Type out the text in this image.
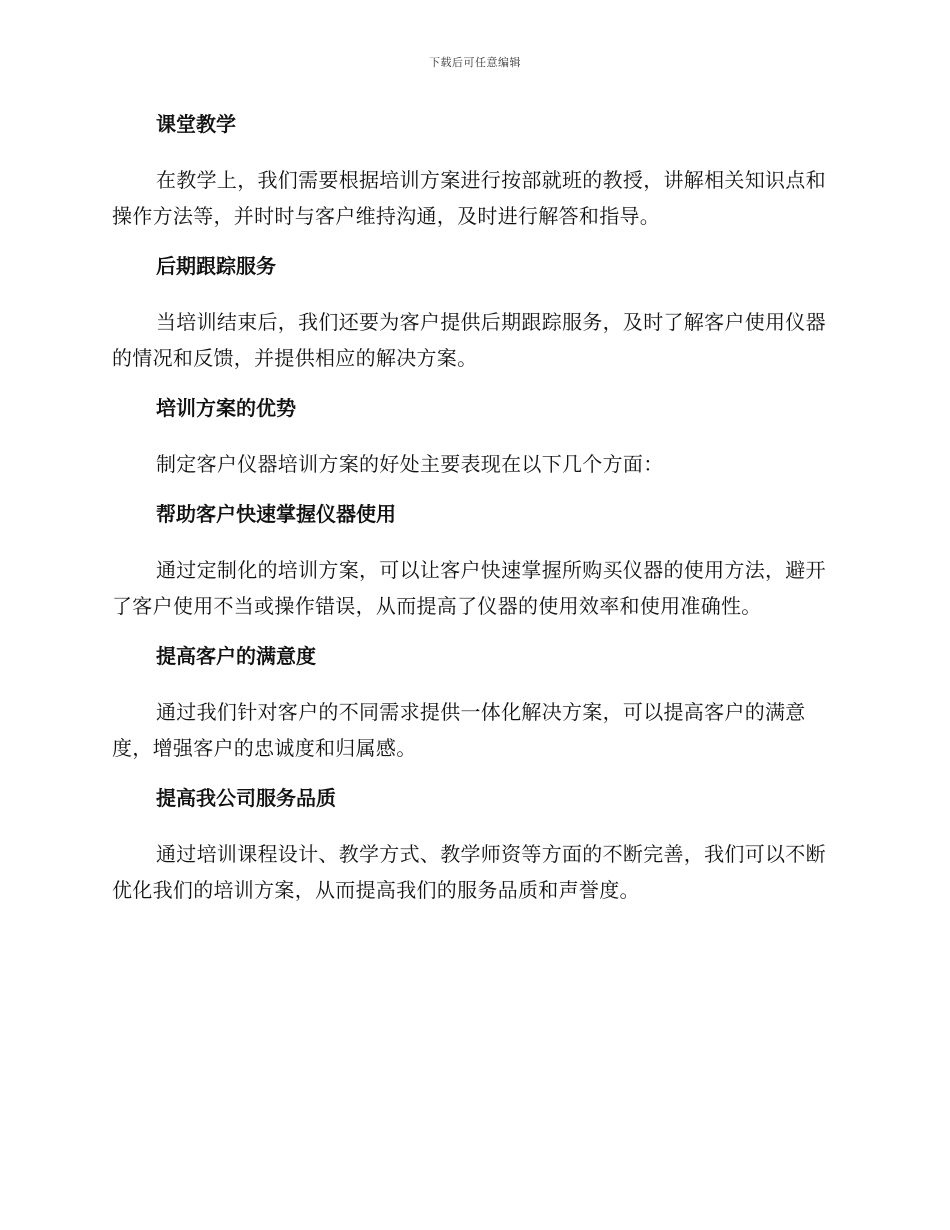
下载后可任意编辑
课堂教学
在教学上，我们需要根据培训方案进行按部就班的教授，讲解相关知识点和操作方法等，并时时与客户维持沟通，及时进行解答和指导。
后期跟踪服务
当培训结束后，我们还要为客户提供后期跟踪服务，及时了解客户使用仪器的情况和反馈，并提供相应的解决方案。
培训方案的优势
制定客户仪器培训方案的好处主要表现在以下几个方面：
帮助客户快速掌握仪器使用
通过定制化的培训方案，可以让客户快速掌握所购买仪器的使用方法，避开了客户使用不当或操作错误，从而提高了仪器的使用效率和使用准确性。
提高客户的满意度
通过我们针对客户的不同需求提供一体化解决方案，可以提高客户的满意度，增强客户的忠诚度和归属感。
提高我公司服务品质
通过培训课程设计、教学方式、教学师资等方面的不断完善，我们可以不断优化我们的培训方案，从而提高我们的服务品质和声誉度。
